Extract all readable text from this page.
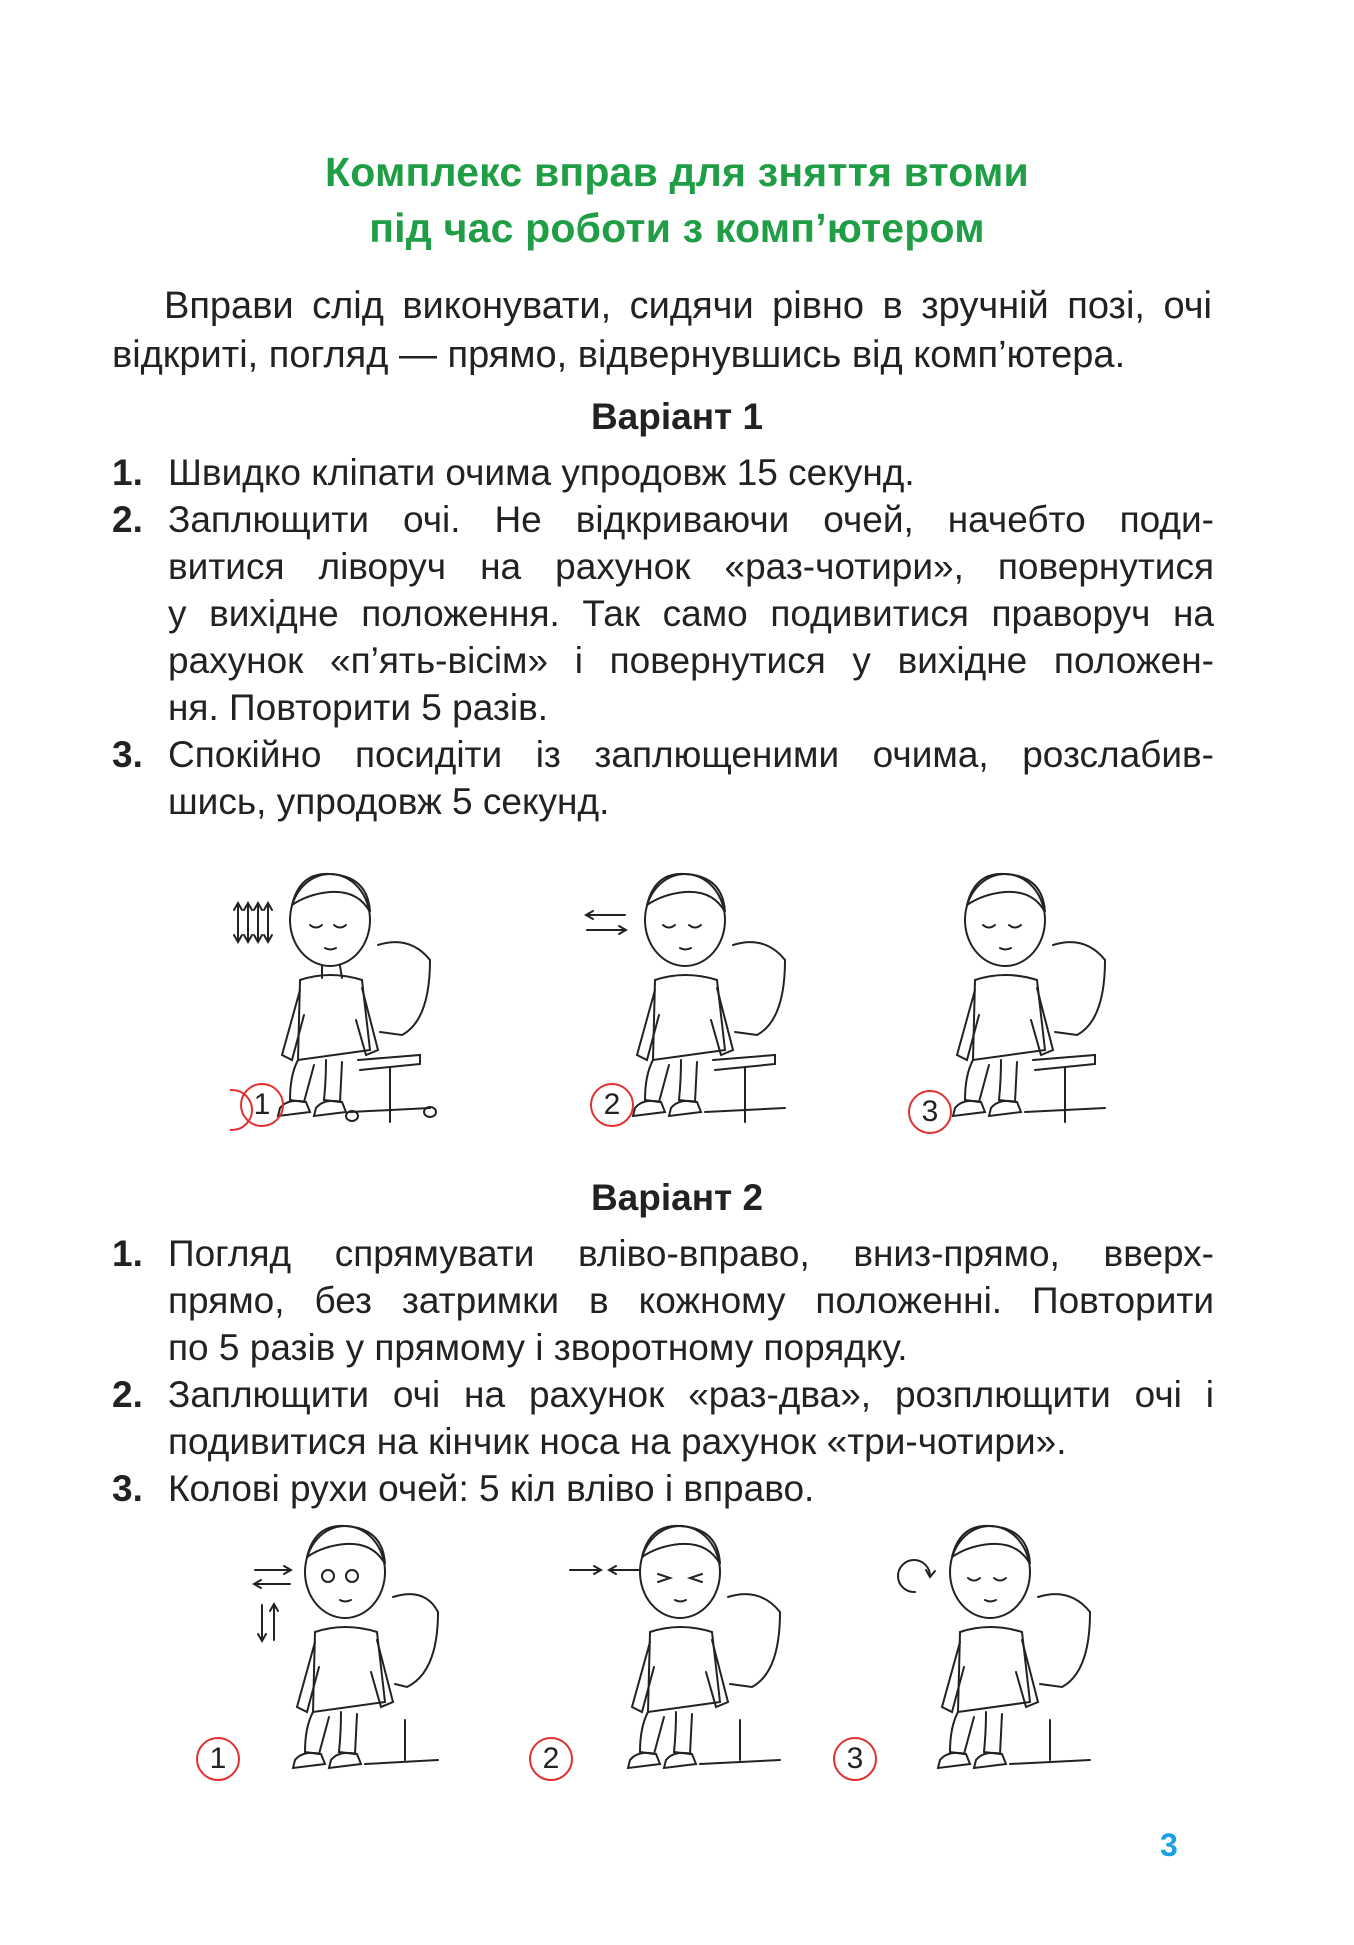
Комплекс вправ для зняття втоми
під час роботи з комп’ютером
Вправи слід виконувати, сидячи рівно в зручній позі, очі
відкриті, погляд — прямо, відвернувшись від комп’ютера.
Варіант 1
1. Швидко кліпати очима упродовж 15 секунд.
2. Заплющити очі. Не відкриваючи очей, начебто поди-
витися ліворуч на рахунок «раз-чотири», повернутися
у вихідне положення. Так само подивитися праворуч на
рахунок «п’ять-вісім» і повернутися у вихідне положен-
ня. Повторити 5 разів.
3. Спокійно посидіти із заплющеними очима, розслабив-
шись, упродовж 5 секунд.
1	2	3
Варіант 2
1. Погляд спрямувати вліво-вправо, вниз-прямо, вверх-
прямо, без затримки в кожному положенні. Повторити
по 5 разів у прямому і зворотному порядку.
2. Заплющити очі на рахунок «раз-два», розплющити очі і
подивитися на кінчик носа на рахунок «три-чотири».
3. Колові рухи очей: 5 кіл вліво і вправо.
1	2	3
3
